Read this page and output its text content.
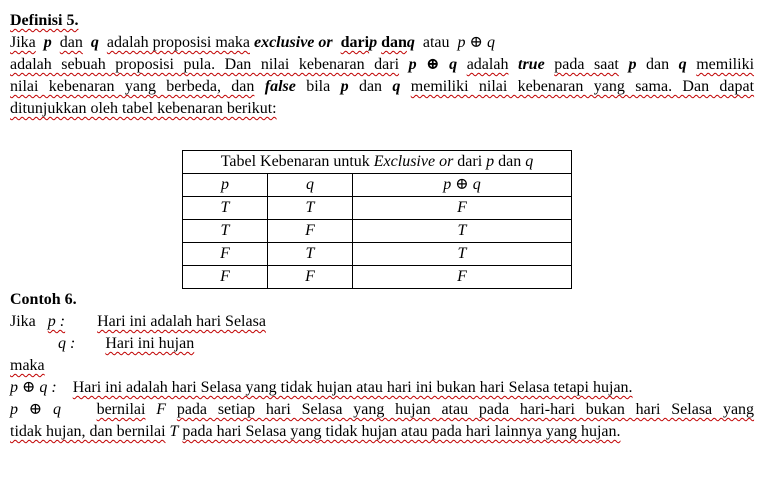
Definisi 5.
Jika p dan q adalah proposisi maka exclusive or darip danq atau p ⊕ q
adalah sebuah proposisi pula. Dan nilai kebenaran dari p ⊕ q adalah true pada saat p dan q memiliki
nilai kebenaran yang berbeda, dan false bila p dan q memiliki nilai kebenaran yang sama. Dan dapat
ditunjukkan oleh tabel kebenaran berikut:
Tabel Kebenaran untuk Exclusive or dari p dan q		
p	q	p ⊕ q
T	T	F
T	F	T
F	T	T
F	F	F
Contoh 6.
Jika p : Hari ini adalah hari Selasa
q : Hari ini hujan
maka
p ⊕ q : Hari ini adalah hari Selasa yang tidak hujan atau hari ini bukan hari Selasa tetapi hujan.
p ⊕ q bernilai F pada setiap hari Selasa yang hujan atau pada hari-hari bukan hari Selasa yang
tidak hujan, dan bernilai T pada hari Selasa yang tidak hujan atau pada hari lainnya yang hujan.
